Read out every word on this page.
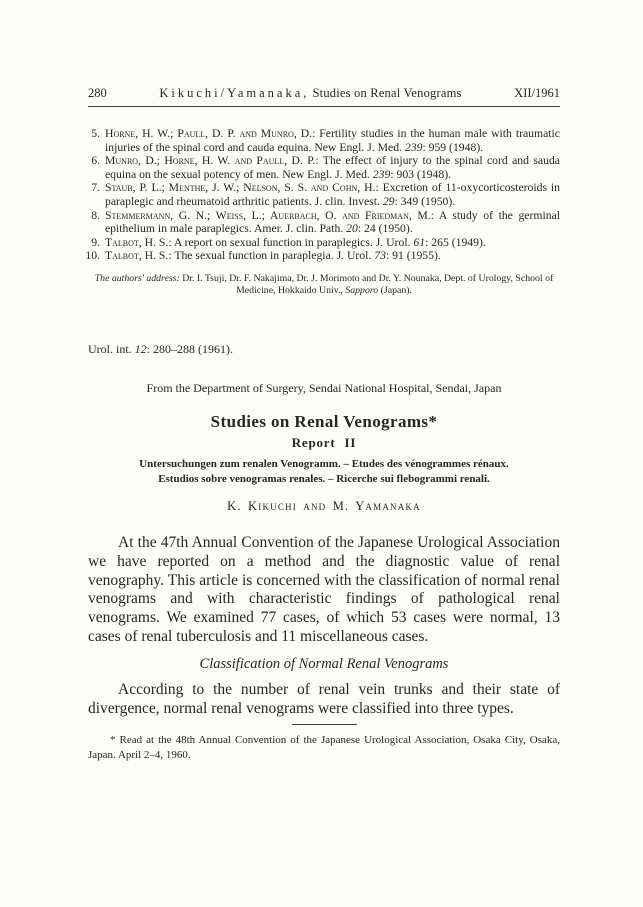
280	Kikuchi/Yamanaka, Studies on Renal Venograms	XII/1961
5. Horne, H. W.; Paull, D. P. and Munro, D.: Fertility studies in the human male with traumatic injuries of the spinal cord and cauda equina. New Engl. J. Med. 239: 959 (1948).
6. Munro, D.; Horne, H. W. and Paull, D. P.: The effect of injury to the spinal cord and sauda equina on the sexual potency of men. New Engl. J. Med. 239: 903 (1948).
7. Staub, P. L.; Menthe, J. W.; Nelson, S. S. and Cohn, H.: Excretion of 11-oxycorticosteroids in paraplegic and rheumatoid arthritic patients. J. clin. Invest. 29: 349 (1950).
8. Stemmermann, G. N.; Weiss, L.; Auerbach, O. and Friedman, M.: A study of the germinal epithelium in male paraplegics. Amer. J. clin. Path. 20: 24 (1950).
9. Talbot, H. S.: A report on sexual function in paraplegics. J. Urol. 61: 265 (1949).
10. Talbot, H. S.: The sexual function in paraplegia. J. Urol. 73: 91 (1955).

The authors' address: Dr. I. Tsuji, Dr. F. Nakajima, Dr. J. Morimoto and Dr. Y. Nounaka, Dept. of Urology, School of Medicine, Hokkaido Univ., Sapporo (Japan).

Urol. int. 12: 280–288 (1961).

From the Department of Surgery, Sendai National Hospital, Sendai, Japan

Studies on Renal Venograms*
Report II
Untersuchungen zum renalen Venogramm. – Etudes des vénogrammes rénaux.
Estudios sobre venogramas renales. – Ricerche sui flebogrammi renali.
K. Kikuchi and M. Yamanaka

At the 47th Annual Convention of the Japanese Urological Association we have reported on a method and the diagnostic value of renal venography. This article is concerned with the classification of normal renal venograms and with characteristic findings of pathological renal venograms. We examined 77 cases, of which 53 cases were normal, 13 cases of renal tuberculosis and 11 miscellaneous cases.

Classification of Normal Renal Venograms

According to the number of renal vein trunks and their state of divergence, normal renal venograms were classified into three types.

* Read at the 48th Annual Convention of the Japanese Urological Association, Osaka City, Osaka, Japan. April 2–4, 1960.
